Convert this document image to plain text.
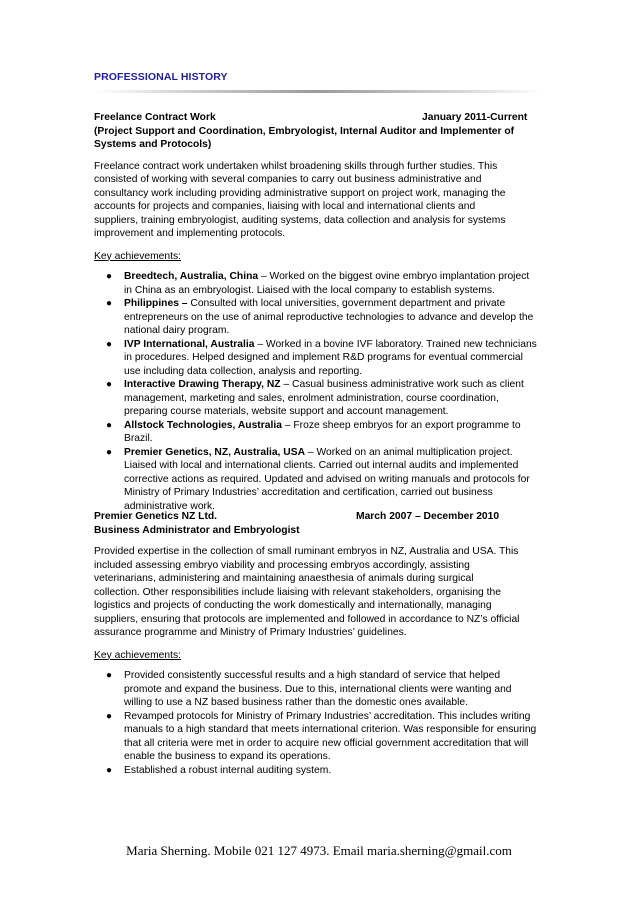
PROFESSIONAL HISTORY
Freelance Contract Work	January 2011-Current
(Project Support and Coordination, Embryologist, Internal Auditor and Implementer of
Systems and Protocols)
Freelance contract work undertaken whilst broadening skills through further studies. This
consisted of working with several companies to carry out business administrative and
consultancy work including providing administrative support on project work, managing the
accounts for projects and companies, liaising with local and international clients and
suppliers, training embryologist, auditing systems, data collection and analysis for systems
improvement and implementing protocols.
Key achievements:
● Breedtech, Australia, China – Worked on the biggest ovine embryo implantation project
in China as an embryologist. Liaised with the local company to establish systems.
● Philippines – Consulted with local universities, government department and private
entrepreneurs on the use of animal reproductive technologies to advance and develop the
national dairy program.
● IVP International, Australia – Worked in a bovine IVF laboratory. Trained new technicians
in procedures. Helped designed and implement R&D programs for eventual commercial
use including data collection, analysis and reporting.
● Interactive Drawing Therapy, NZ – Casual business administrative work such as client
management, marketing and sales, enrolment administration, course coordination,
preparing course materials, website support and account management.
● Allstock Technologies, Australia – Froze sheep embryos for an export programme to
Brazil.
● Premier Genetics, NZ, Australia, USA – Worked on an animal multiplication project.
Liaised with local and international clients. Carried out internal audits and implemented
corrective actions as required. Updated and advised on writing manuals and protocols for
Ministry of Primary Industries’ accreditation and certification, carried out business
administrative work.
Premier Genetics NZ Ltd.	March 2007 – December 2010
Business Administrator and Embryologist
Provided expertise in the collection of small ruminant embryos in NZ, Australia and USA. This
included assessing embryo viability and processing embryos accordingly, assisting
veterinarians, administering and maintaining anaesthesia of animals during surgical
collection. Other responsibilities include liaising with relevant stakeholders, organising the
logistics and projects of conducting the work domestically and internationally, managing
suppliers, ensuring that protocols are implemented and followed in accordance to NZ’s official
assurance programme and Ministry of Primary Industries’ guidelines.
Key achievements:
● Provided consistently successful results and a high standard of service that helped
promote and expand the business. Due to this, international clients were wanting and
willing to use a NZ based business rather than the domestic ones available.
● Revamped protocols for Ministry of Primary Industries’ accreditation. This includes writing
manuals to a high standard that meets international criterion. Was responsible for ensuring
that all criteria were met in order to acquire new official government accreditation that will
enable the business to expand its operations.
● Established a robust internal auditing system.
Maria Sherning. Mobile 021 127 4973. Email maria.sherning@gmail.com
